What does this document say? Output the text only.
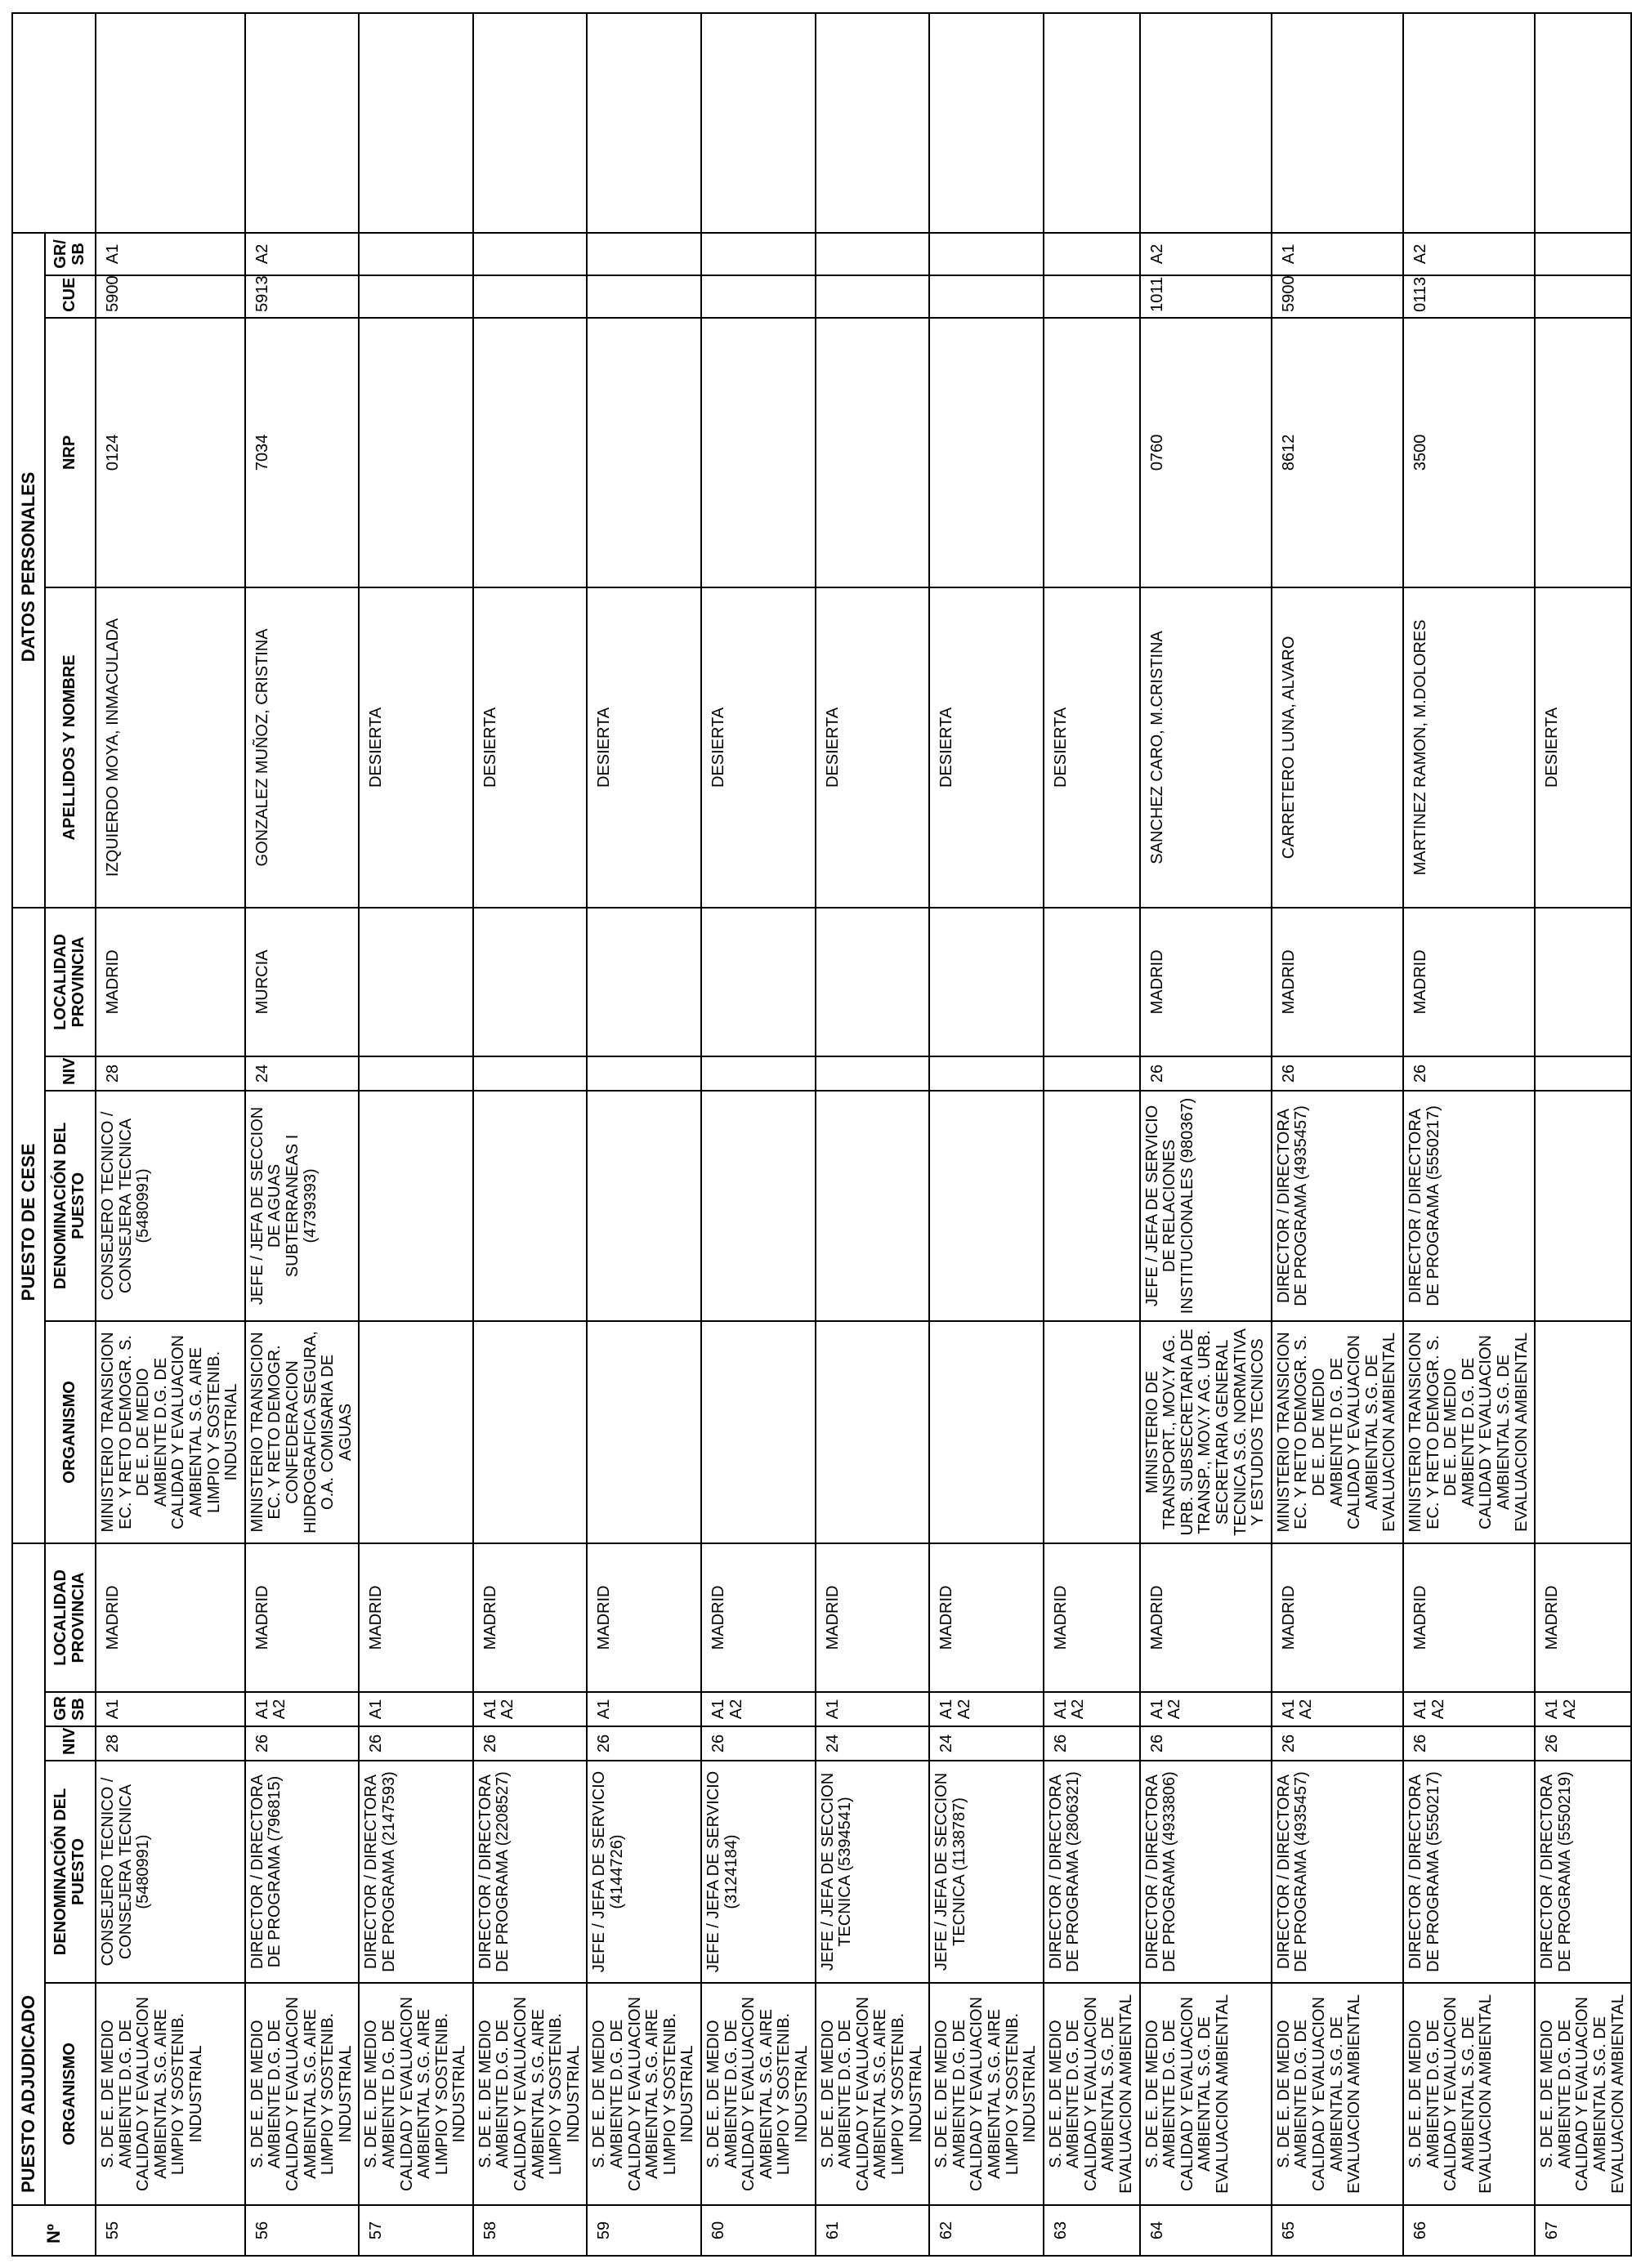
Nº	PUESTO ADJUDICADO					PUESTO DE CESE				DATOS PERSONALES				
	ORGANISMO	DENOMINACIÓN DEL PUESTO	NIV	GR SB	LOCALIDAD PROVINCIA	ORGANISMO	DENOMINACIÓN DEL PUESTO	NIV	LOCALIDAD PROVINCIA	APELLIDOS Y NOMBRE	NRP	CUE	GR/ SB	
55	S. DE E. DE MEDIO AMBIENTE D.G. DE CALIDAD Y EVALUACION AMBIENTAL S.G. AIRE LIMPIO Y SOSTENIB. INDUSTRIAL	CONSEJERO TECNICO / CONSEJERA TECNICA (5480991)	28	A1	MADRID	MINISTERIO TRANSICION EC. Y RETO DEMOGR. S. DE E. DE MEDIO AMBIENTE D.G. DE CALIDAD Y EVALUACION AMBIENTAL S.G. AIRE LIMPIO Y SOSTENIB. INDUSTRIAL	CONSEJERO TECNICO / CONSEJERA TECNICA (5480991)	28	MADRID	IZQUIERDO MOYA, INMACULADA	0124	5900	A1	
56	S. DE E. DE MEDIO AMBIENTE D.G. DE CALIDAD Y EVALUACION AMBIENTAL S.G. AIRE LIMPIO Y SOSTENIB. INDUSTRIAL	DIRECTOR / DIRECTORA DE PROGRAMA (796815)	26	A1 A2	MADRID	MINISTERIO TRANSICION EC. Y RETO DEMOGR. CONFEDERACION HIDROGRAFICA SEGURA, O.A. COMISARIA DE AGUAS	JEFE / JEFA DE SECCION DE AGUAS SUBTERRANEAS I (4739393)	24	MURCIA	GONZALEZ MUÑOZ, CRISTINA	7034	5913	A2	
57	S. DE E. DE MEDIO AMBIENTE D.G. DE CALIDAD Y EVALUACION AMBIENTAL S.G. AIRE LIMPIO Y SOSTENIB. INDUSTRIAL	DIRECTOR / DIRECTORA DE PROGRAMA (2147593)	26	A1	MADRID					DESIERTA				
58	S. DE E. DE MEDIO AMBIENTE D.G. DE CALIDAD Y EVALUACION AMBIENTAL S.G. AIRE LIMPIO Y SOSTENIB. INDUSTRIAL	DIRECTOR / DIRECTORA DE PROGRAMA (2208527)	26	A1 A2	MADRID					DESIERTA				
59	S. DE E. DE MEDIO AMBIENTE D.G. DE CALIDAD Y EVALUACION AMBIENTAL S.G. AIRE LIMPIO Y SOSTENIB. INDUSTRIAL	JEFE / JEFA DE SERVICIO (4144726)	26	A1	MADRID					DESIERTA				
60	S. DE E. DE MEDIO AMBIENTE D.G. DE CALIDAD Y EVALUACION AMBIENTAL S.G. AIRE LIMPIO Y SOSTENIB. INDUSTRIAL	JEFE / JEFA DE SERVICIO (3124184)	26	A1 A2	MADRID					DESIERTA				
61	S. DE E. DE MEDIO AMBIENTE D.G. DE CALIDAD Y EVALUACION AMBIENTAL S.G. AIRE LIMPIO Y SOSTENIB. INDUSTRIAL	JEFE / JEFA DE SECCION TECNICA (5394541)	24	A1	MADRID					DESIERTA				
62	S. DE E. DE MEDIO AMBIENTE D.G. DE CALIDAD Y EVALUACION AMBIENTAL S.G. AIRE LIMPIO Y SOSTENIB. INDUSTRIAL	JEFE / JEFA DE SECCION TECNICA (1138787)	24	A1 A2	MADRID					DESIERTA				
63	S. DE E. DE MEDIO AMBIENTE D.G. DE CALIDAD Y EVALUACION AMBIENTAL S.G. DE EVALUACION AMBIENTAL	DIRECTOR / DIRECTORA DE PROGRAMA (2806321)	26	A1 A2	MADRID					DESIERTA				
64	S. DE E. DE MEDIO AMBIENTE D.G. DE CALIDAD Y EVALUACION AMBIENTAL S.G. DE EVALUACION AMBIENTAL	DIRECTOR / DIRECTORA DE PROGRAMA (4933806)	26	A1 A2	MADRID	MINISTERIO DE TRANSPORT., MOV.Y AG. URB. SUBSECRETARIA DE TRANSP., MOV.Y AG. URB. SECRETARIA GENERAL TECNICA S.G. NORMATIVA Y ESTUDIOS TECNICOS	JEFE / JEFA DE SERVICIO DE RELACIONES INSTITUCIONALES (980367)	26	MADRID	SANCHEZ CARO, M.CRISTINA	0760	1011	A2	
65	S. DE E. DE MEDIO AMBIENTE D.G. DE CALIDAD Y EVALUACION AMBIENTAL S.G. DE EVALUACION AMBIENTAL	DIRECTOR / DIRECTORA DE PROGRAMA (4935457)	26	A1 A2	MADRID	MINISTERIO TRANSICION EC. Y RETO DEMOGR. S. DE E. DE MEDIO AMBIENTE D.G. DE CALIDAD Y EVALUACION AMBIENTAL S.G. DE EVALUACION AMBIENTAL	DIRECTOR / DIRECTORA DE PROGRAMA (4935457)	26	MADRID	CARRETERO LUNA, ALVARO	8612	5900	A1	
66	S. DE E. DE MEDIO AMBIENTE D.G. DE CALIDAD Y EVALUACION AMBIENTAL S.G. DE EVALUACION AMBIENTAL	DIRECTOR / DIRECTORA DE PROGRAMA (5550217)	26	A1 A2	MADRID	MINISTERIO TRANSICION EC. Y RETO DEMOGR. S. DE E. DE MEDIO AMBIENTE D.G. DE CALIDAD Y EVALUACION AMBIENTAL S.G. DE EVALUACION AMBIENTAL	DIRECTOR / DIRECTORA DE PROGRAMA (5550217)	26	MADRID	MARTINEZ RAMON, M.DOLORES	3500	0113	A2	
67	S. DE E. DE MEDIO AMBIENTE D.G. DE CALIDAD Y EVALUACION AMBIENTAL S.G. DE EVALUACION AMBIENTAL	DIRECTOR / DIRECTORA DE PROGRAMA (5550219)	26	A1 A2	MADRID					DESIERTA				
